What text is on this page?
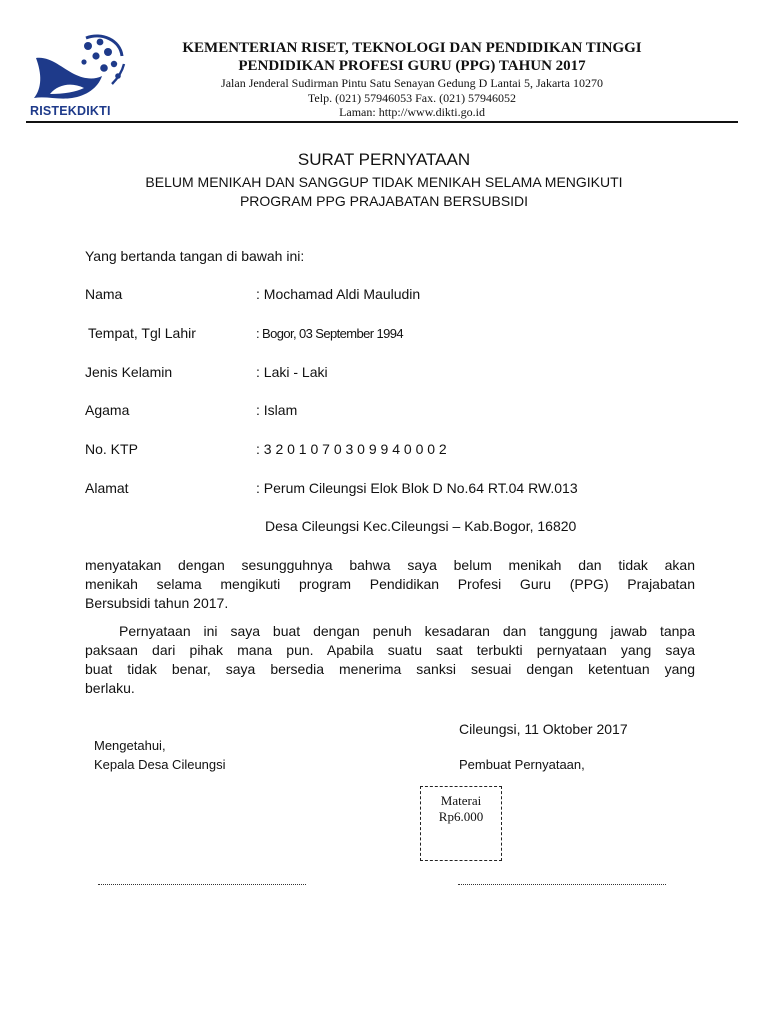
RISTEKDIKTI
KEMENTERIAN RISET, TEKNOLOGI DAN PENDIDIKAN TINGGI
PENDIDIKAN PROFESI GURU (PPG) TAHUN 2017
Jalan Jenderal Sudirman Pintu Satu Senayan Gedung D Lantai 5, Jakarta 10270
Telp. (021) 57946053 Fax. (021) 57946052
Laman: http://www.dikti.go.id
SURAT PERNYATAAN
BELUM MENIKAH DAN SANGGUP TIDAK MENIKAH SELAMA MENGIKUTI
PROGRAM PPG PRAJABATAN BERSUBSIDI
Yang bertanda tangan di bawah ini:
Nama	: Mochamad Aldi Mauludin
Tempat, Tgl Lahir	: Bogor, 03 September 1994
Jenis Kelamin	: Laki - Laki
Agama	: Islam
No. KTP	: 3 2 0 1 0 7 0 3 0 9 9 4 0 0 0 2
Alamat	: Perum Cileungsi Elok Blok D No.64 RT.04 RW.013
Desa Cileungsi Kec.Cileungsi – Kab.Bogor, 16820
menyatakan dengan sesungguhnya bahwa saya belum menikah dan tidak akan
menikah selama mengikuti program Pendidikan Profesi Guru (PPG) Prajabatan
Bersubsidi tahun 2017.
Pernyataan ini saya buat dengan penuh kesadaran dan tanggung jawab tanpa
paksaan dari pihak mana pun. Apabila suatu saat terbukti pernyataan yang saya
buat tidak benar, saya bersedia menerima sanksi sesuai dengan ketentuan yang
berlaku.
Cileungsi, 11 Oktober 2017
Mengetahui,
Kepala Desa Cileungsi	Pembuat Pernyataan,
Materai
Rp6.000
